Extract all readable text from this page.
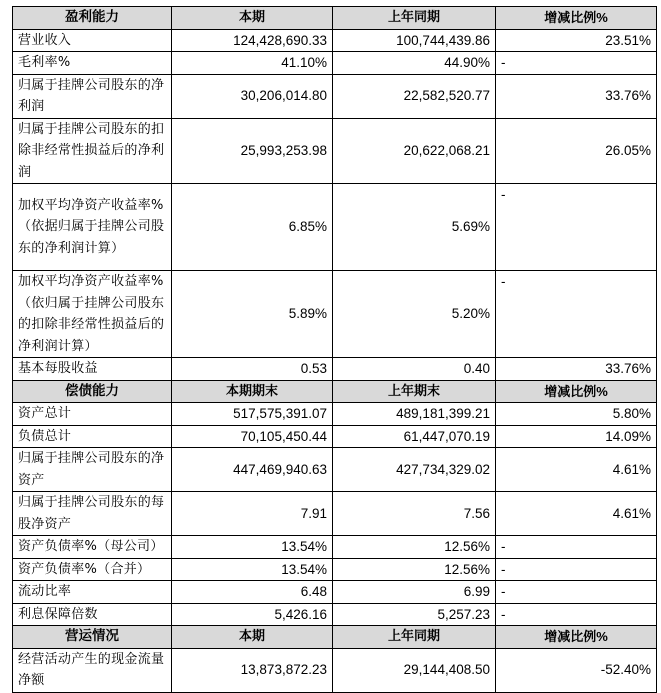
盈利能力	本期	上年同期	增减比例%
营业收入	124,428,690.33	100,744,439.86	23.51%
毛利率%	41.10%	44.90%	-
归属于挂牌公司股东的净利润	30,206,014.80	22,582,520.77	33.76%
归属于挂牌公司股东的扣除非经常性损益后的净利润	25,993,253.98	20,622,068.21	26.05%
加权平均净资产收益率%（依据归属于挂牌公司股东的净利润计算）	6.85%	5.69%	-
加权平均净资产收益率%（依归属于挂牌公司股东的扣除非经常性损益后的净利润计算）	5.89%	5.20%	-
基本每股收益	0.53	0.40	33.76%
偿债能力	本期期末	上年期末	增减比例%
资产总计	517,575,391.07	489,181,399.21	5.80%
负债总计	70,105,450.44	61,447,070.19	14.09%
归属于挂牌公司股东的净资产	447,469,940.63	427,734,329.02	4.61%
归属于挂牌公司股东的每股净资产	7.91	7.56	4.61%
资产负债率%（母公司）	13.54%	12.56%	-
资产负债率%（合并）	13.54%	12.56%	-
流动比率	6.48	6.99	-
利息保障倍数	5,426.16	5,257.23	-
营运情况	本期	上年同期	增减比例%
经营活动产生的现金流量净额	13,873,872.23	29,144,408.50	-52.40%
